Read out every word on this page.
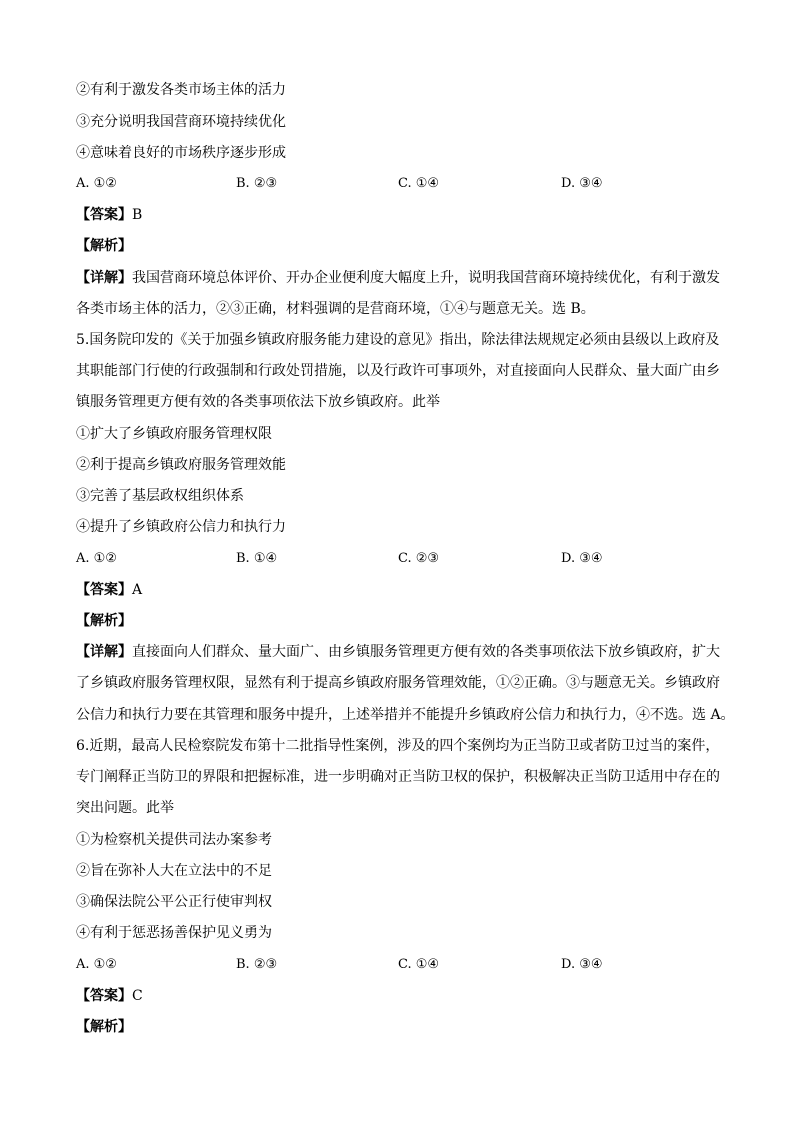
②有利于激发各类市场主体的活力
③充分说明我国营商环境持续优化
④意味着良好的市场秩序逐步形成
A. ①②	B. ②③	C. ①④	D. ③④
【答案】B
【解析】
【详解】我国营商环境总体评价、开办企业便利度大幅度上升，说明我国营商环境持续优化，有利于激发
各类市场主体的活力，②③正确，材料强调的是营商环境，①④与题意无关。选 B。
5.国务院印发的《关于加强乡镇政府服务能力建设的意见》指出，除法律法规规定必须由县级以上政府及
其职能部门行使的行政强制和行政处罚措施，以及行政许可事项外，对直接面向人民群众、量大面广由乡
镇服务管理更方便有效的各类事项依法下放乡镇政府。此举
①扩大了乡镇政府服务管理权限
②利于提高乡镇政府服务管理效能
③完善了基层政权组织体系
④提升了乡镇政府公信力和执行力
A. ①②	B. ①④	C. ②③	D. ③④
【答案】A
【解析】
【详解】直接面向人们群众、量大面广、由乡镇服务管理更方便有效的各类事项依法下放乡镇政府，扩大
了乡镇政府服务管理权限，显然有利于提高乡镇政府服务管理效能，①②正确。③与题意无关。乡镇政府
公信力和执行力要在其管理和服务中提升，上述举措并不能提升乡镇政府公信力和执行力，④不选。选 A。
6.近期，最高人民检察院发布第十二批指导性案例，涉及的四个案例均为正当防卫或者防卫过当的案件，
专门阐释正当防卫的界限和把握标准，进一步明确对正当防卫权的保护，积极解决正当防卫适用中存在的
突出问题。此举
①为检察机关提供司法办案参考
②旨在弥补人大在立法中的不足
③确保法院公平公正行使审判权
④有利于惩恶扬善保护见义勇为
A. ①②	B. ②③	C. ①④	D. ③④
【答案】C
【解析】
